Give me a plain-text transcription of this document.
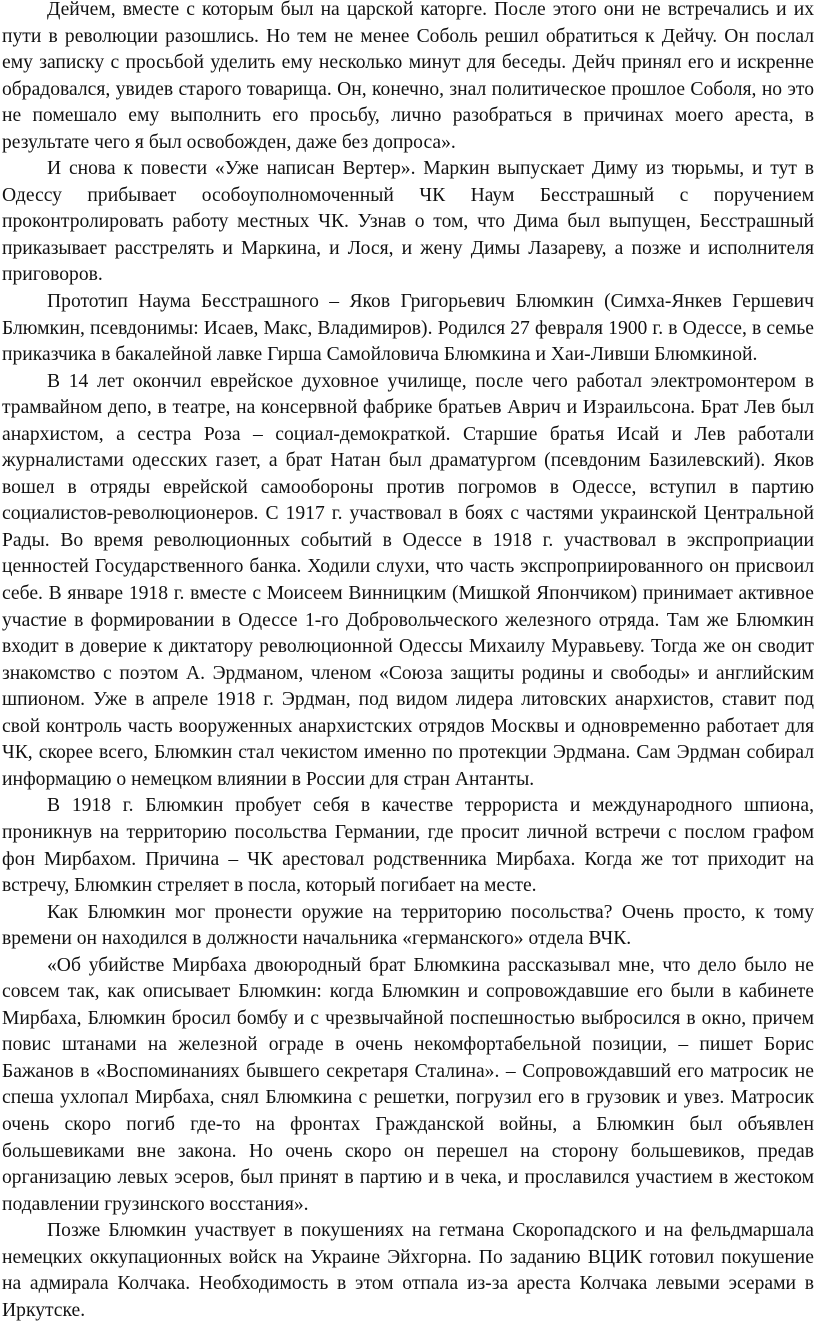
Дейчем, вместе с которым был на царской каторге. После этого они не встречались и их пути в революции разошлись. Но тем не менее Соболь решил обратиться к Дейчу. Он послал ему записку с просьбой уделить ему несколько минут для беседы. Дейч принял его и искренне обрадовался, увидев старого товарища. Он, конечно, знал политическое прошлое Соболя, но это не помешало ему выполнить его просьбу, лично разобраться в причинах моего ареста, в результате чего я был освобожден, даже без допроса».

И снова к повести «Уже написан Вертер». Маркин выпускает Диму из тюрьмы, и тут в Одессу прибывает особоуполномоченный ЧК Наум Бесстрашный с поручением проконтролировать работу местных ЧК. Узнав о том, что Дима был выпущен, Бесстрашный приказывает расстрелять и Маркина, и Лося, и жену Димы Лазареву, а позже и исполнителя приговоров.

Прототип Наума Бесстрашного – Яков Григорьевич Блюмкин (Симха-Янкев Гершевич Блюмкин, псевдонимы: Исаев, Макс, Владимиров). Родился 27 февраля 1900 г. в Одессе, в семье приказчика в бакалейной лавке Гирша Самойловича Блюмкина и Хаи-Ливши Блюмкиной.

В 14 лет окончил еврейское духовное училище, после чего работал электромонтером в трамвайном депо, в театре, на консервной фабрике братьев Аврич и Израильсона. Брат Лев был анархистом, а сестра Роза – социал-демократкой. Старшие братья Исай и Лев работали журналистами одесских газет, а брат Натан был драматургом (псевдоним Базилевский). Яков вошел в отряды еврейской самообороны против погромов в Одессе, вступил в партию социалистов-революционеров. С 1917 г. участвовал в боях с частями украинской Центральной Рады. Во время революционных событий в Одессе в 1918 г. участвовал в экспроприации ценностей Государственного банка. Ходили слухи, что часть экспроприированного он присвоил себе. В январе 1918 г. вместе с Моисеем Винницким (Мишкой Япончиком) принимает активное участие в формировании в Одессе 1-го Добровольческого железного отряда. Там же Блюмкин входит в доверие к диктатору революционной Одессы Михаилу Муравьеву. Тогда же он сводит знакомство с поэтом А. Эрдманом, членом «Союза защиты родины и свободы» и английским шпионом. Уже в апреле 1918 г. Эрдман, под видом лидера литовских анархистов, ставит под свой контроль часть вооруженных анархистских отрядов Москвы и одновременно работает для ЧК, скорее всего, Блюмкин стал чекистом именно по протекции Эрдмана. Сам Эрдман собирал информацию о немецком влиянии в России для стран Антанты.

В 1918 г. Блюмкин пробует себя в качестве террориста и международного шпиона, проникнув на территорию посольства Германии, где просит личной встречи с послом графом фон Мирбахом. Причина – ЧК арестовал родственника Мирбаха. Когда же тот приходит на встречу, Блюмкин стреляет в посла, который погибает на месте.

Как Блюмкин мог пронести оружие на территорию посольства? Очень просто, к тому времени он находился в должности начальника «германского» отдела ВЧК.

«Об убийстве Мирбаха двоюродный брат Блюмкина рассказывал мне, что дело было не совсем так, как описывает Блюмкин: когда Блюмкин и сопровождавшие его были в кабинете Мирбаха, Блюмкин бросил бомбу и с чрезвычайной поспешностью выбросился в окно, причем повис штанами на железной ограде в очень некомфортабельной позиции, – пишет Борис Бажанов в «Воспоминаниях бывшего секретаря Сталина». – Сопровождавший его матросик не спеша ухлопал Мирбаха, снял Блюмкина с решетки, погрузил его в грузовик и увез. Матросик очень скоро погиб где-то на фронтах Гражданской войны, а Блюмкин был объявлен большевиками вне закона. Но очень скоро он перешел на сторону большевиков, предав организацию левых эсеров, был принят в партию и в чека, и прославился участием в жестоком подавлении грузинского восстания».

Позже Блюмкин участвует в покушениях на гетмана Скоропадского и на фельдмаршала немецких оккупационных войск на Украине Эйхгорна. По заданию ВЦИК готовил покушение на адмирала Колчака. Необходимость в этом отпала из-за ареста Колчака левыми эсерами в Иркутске.
